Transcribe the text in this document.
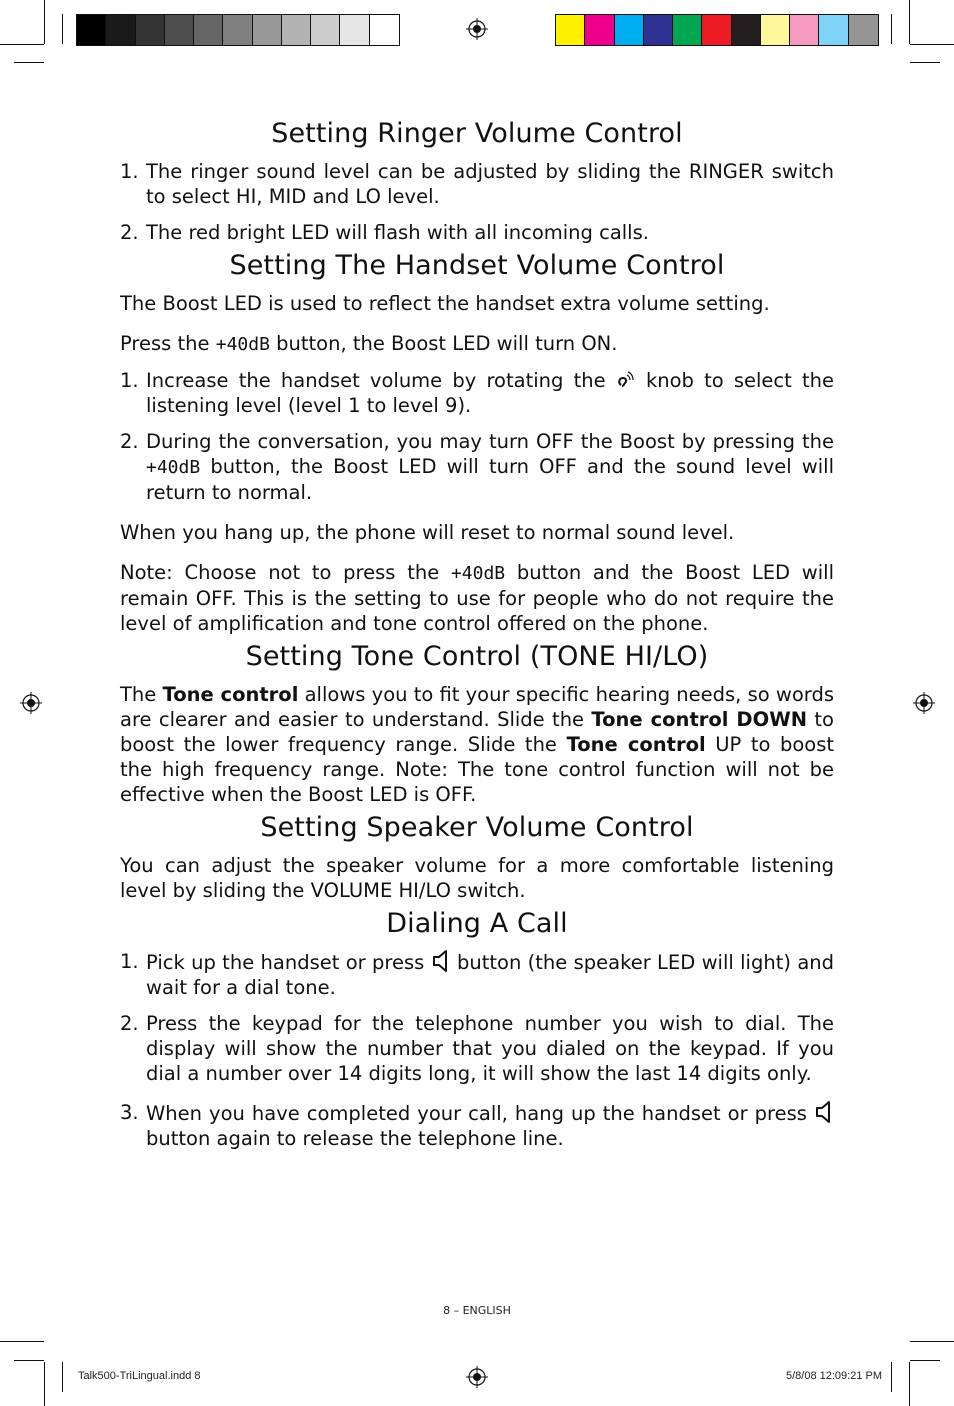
Setting Ringer Volume Control
1. The ringer sound level can be adjusted by sliding the RINGER switch to select HI, MID and LO level.
2. The red bright LED will flash with all incoming calls.
Setting The Handset Volume Control

The Boost LED is used to reflect the handset extra volume setting.

Press the +40dB button, the Boost LED will turn ON.

1. Increase the handset volume by rotating the  knob to select the listening level (level 1 to level 9).
2. During the conversation, you may turn OFF the Boost by pressing the +40dB button, the Boost LED will turn OFF and the sound level will return to normal.

When you hang up, the phone will reset to normal sound level.

Note: Choose not to press the +40dB button and the Boost LED will remain OFF. This is the setting to use for people who do not require the level of amplification and tone control offered on the phone.

Setting Tone Control (TONE HI/LO)

The Tone control allows you to fit your specific hearing needs, so words are clearer and easier to understand. Slide the Tone control DOWN to boost the lower frequency range. Slide the Tone control UP to boost the high frequency range. Note: The tone control function will not be effective when the Boost LED is OFF.

Setting Speaker Volume Control

You can adjust the speaker volume for a more comfortable listening level by sliding the VOLUME HI/LO switch.

Dialing A Call
1. Pick up the handset or press  button (the speaker LED will light) and wait for a dial tone.
2. Press the keypad for the telephone number you wish to dial. The display will show the number that you dialed on the keypad. If you dial a number over 14 digits long, it will show the last 14 digits only.
3. When you have completed your call, hang up the handset or press  button again to release the telephone line.
8 – ENGLISH
Talk500-TriLingual.indd 8	5/8/08 12:09:21 PM
